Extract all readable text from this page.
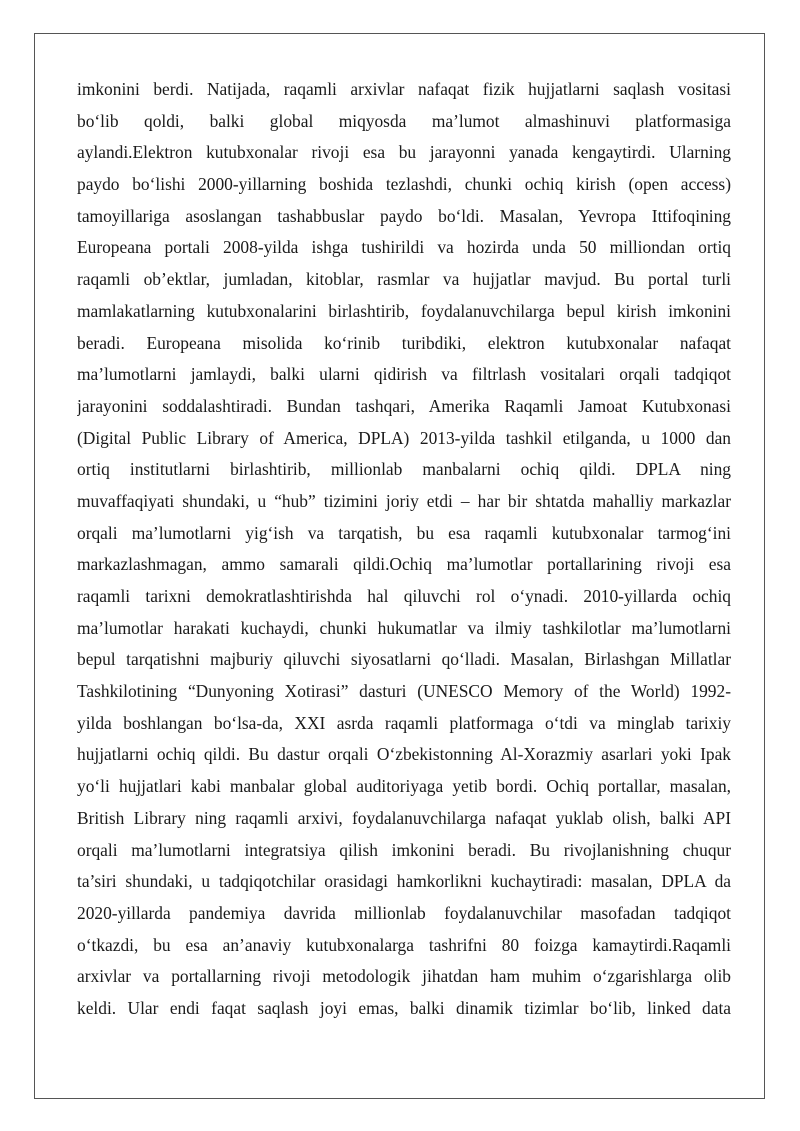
imkonini berdi. Natijada, raqamli arxivlar nafaqat fizik hujjatlarni saqlash vositasi
bo‘lib qoldi, balki global miqyosda ma’lumot almashinuvi platformasiga
aylandi.Elektron kutubxonalar rivoji esa bu jarayonni yanada kengaytirdi. Ularning
paydo bo‘lishi 2000-yillarning boshida tezlashdi, chunki ochiq kirish (open access)
tamoyillariga asoslangan tashabbuslar paydo bo‘ldi. Masalan, Yevropa Ittifoqining
Europeana portali 2008-yilda ishga tushirildi va hozirda unda 50 milliondan ortiq
raqamli ob’ektlar, jumladan, kitoblar, rasmlar va hujjatlar mavjud. Bu portal turli
mamlakatlarning kutubxonalarini birlashtirib, foydalanuvchilarga bepul kirish imkonini
beradi. Europeana misolida ko‘rinib turibdiki, elektron kutubxonalar nafaqat
ma’lumotlarni jamlaydi, balki ularni qidirish va filtrlash vositalari orqali tadqiqot
jarayonini soddalashtiradi. Bundan tashqari, Amerika Raqamli Jamoat Kutubxonasi
(Digital Public Library of America, DPLA) 2013-yilda tashkil etilganda, u 1000 dan
ortiq institutlarni birlashtirib, millionlab manbalarni ochiq qildi. DPLA ning
muvaffaqiyati shundaki, u “hub” tizimini joriy etdi – har bir shtatda mahalliy markazlar
orqali ma’lumotlarni yig‘ish va tarqatish, bu esa raqamli kutubxonalar tarmog‘ini
markazlashmagan, ammo samarali qildi.Ochiq ma’lumotlar portallarining rivoji esa
raqamli tarixni demokratlashtirishda hal qiluvchi rol o‘ynadi. 2010-yillarda ochiq
ma’lumotlar harakati kuchaydi, chunki hukumatlar va ilmiy tashkilotlar ma’lumotlarni
bepul tarqatishni majburiy qiluvchi siyosatlarni qo‘lladi. Masalan, Birlashgan Millatlar
Tashkilotining “Dunyoning Xotirasi” dasturi (UNESCO Memory of the World) 1992-
yilda boshlangan bo‘lsa-da, XXI asrda raqamli platformaga o‘tdi va minglab tarixiy
hujjatlarni ochiq qildi. Bu dastur orqali O‘zbekistonning Al-Xorazmiy asarlari yoki Ipak
yo‘li hujjatlari kabi manbalar global auditoriyaga yetib bordi. Ochiq portallar, masalan,
British Library ning raqamli arxivi, foydalanuvchilarga nafaqat yuklab olish, balki API
orqali ma’lumotlarni integratsiya qilish imkonini beradi. Bu rivojlanishning chuqur
ta’siri shundaki, u tadqiqotchilar orasidagi hamkorlikni kuchaytiradi: masalan, DPLA da
2020-yillarda pandemiya davrida millionlab foydalanuvchilar masofadan tadqiqot
o‘tkazdi, bu esa an’anaviy kutubxonalarga tashrifni 80 foizga kamaytirdi.Raqamli
arxivlar va portallarning rivoji metodologik jihatdan ham muhim o‘zgarishlarga olib
keldi. Ular endi faqat saqlash joyi emas, balki dinamik tizimlar bo‘lib, linked data
